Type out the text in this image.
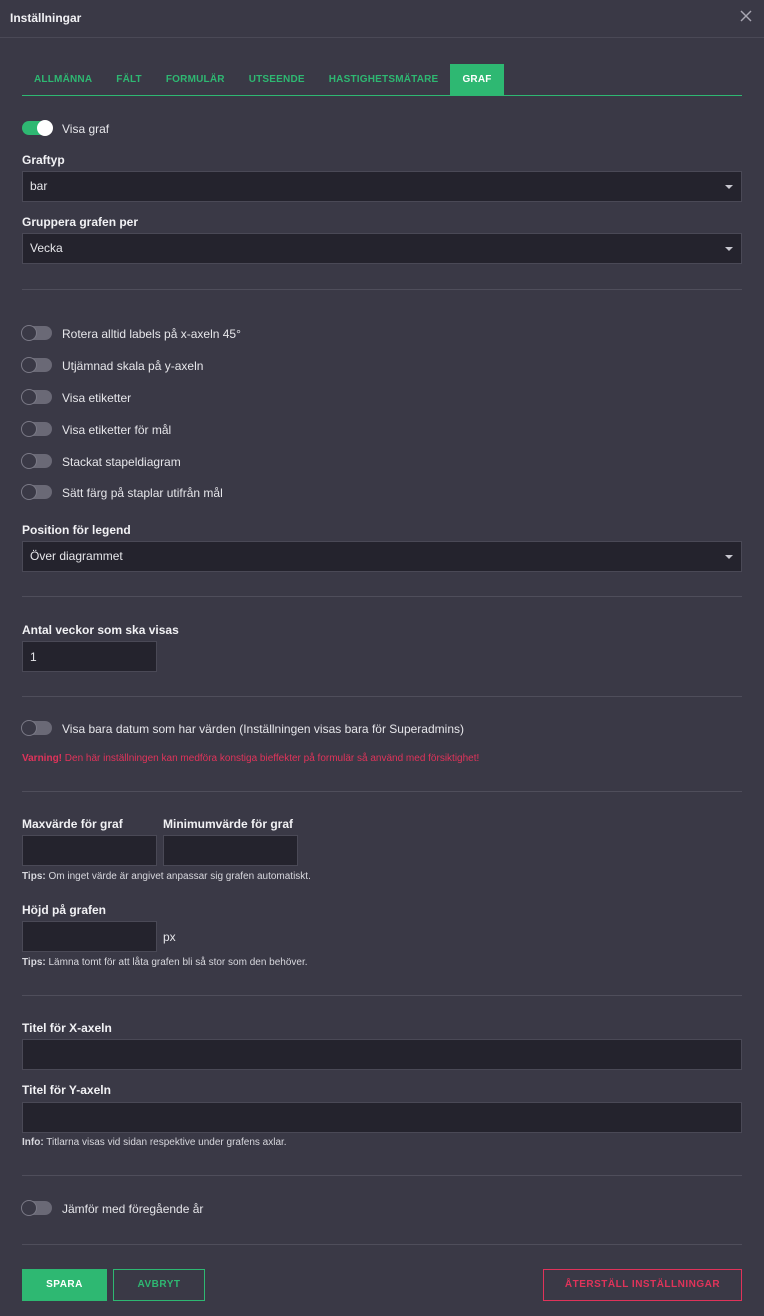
Inställningar
ALLMÄNNA	FÄLT	FORMULÄR	UTSEENDE	HASTIGHETSMÄTARE	GRAF
Visa graf
Graftyp
bar
Gruppera grafen per
Vecka
Rotera alltid labels på x-axeln 45°
Utjämnad skala på y-axeln
Visa etiketter
Visa etiketter för mål
Stackat stapeldiagram
Sätt färg på staplar utifrån mål
Position för legend
Över diagrammet
Antal veckor som ska visas
1
Visa bara datum som har värden (Inställningen visas bara för Superadmins)
Varning! Den här inställningen kan medföra konstiga bieffekter på formulär så använd med försiktighet!
Maxvärde för graf	Minimumvärde för graf
Tips: Om inget värde är angivet anpassar sig grafen automatiskt.
Höjd på grafen
px
Tips: Lämna tomt för att låta grafen bli så stor som den behöver.
Titel för X-axeln
Titel för Y-axeln
Info: Titlarna visas vid sidan respektive under grafens axlar.
Jämför med föregående år
SPARA	AVBRYT	ÅTERSTÄLL INSTÄLLNINGAR
